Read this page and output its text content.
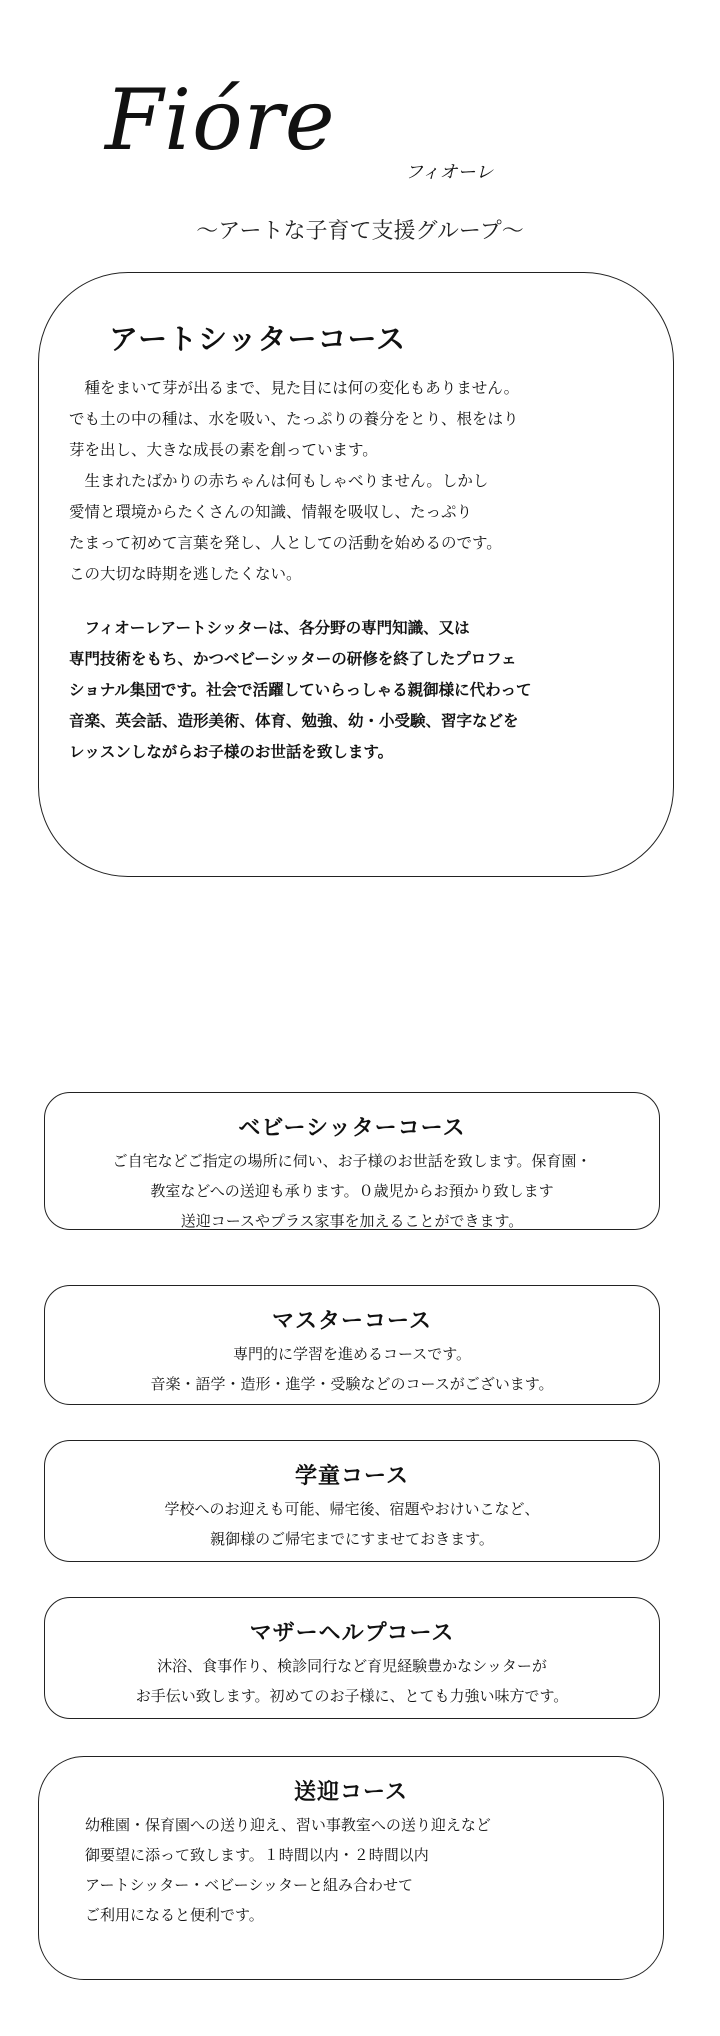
Fiόre
フィオーレ
～アートな子育て支援グループ～
アートシッターコース

　種をまいて芽が出るまで、見た目には何の変化もありません。
でも土の中の種は、水を吸い、たっぷりの養分をとり、根をはり
芽を出し、大きな成長の素を創っています。
　生まれたばかりの赤ちゃんは何もしゃべりません。しかし
愛情と環境からたくさんの知識、情報を吸収し、たっぷり
たまって初めて言葉を発し、人としての活動を始めるのです。
この大切な時期を逃したくない。

　フィオーレアートシッターは、各分野の専門知識、又は
専門技術をもち、かつベビーシッターの研修を終了したプロフェ
ショナル集団です。社会で活躍していらっしゃる親御様に代わって
音楽、英会話、造形美術、体育、勉強、幼・小受験、習字などを
レッスンしながらお子様のお世話を致します。

ベビーシッターコース
ご自宅などご指定の場所に伺い、お子様のお世話を致します。保育園・
教室などへの送迎も承ります。０歳児からお預かり致します
送迎コースやプラス家事を加えることができます。
マスターコース
専門的に学習を進めるコースです。
音楽・語学・造形・進学・受験などのコースがございます。
学童コース
学校へのお迎えも可能、帰宅後、宿題やおけいこなど、
親御様のご帰宅までにすませておきます。
マザーヘルプコース
沐浴、食事作り、検診同行など育児経験豊かなシッターが
お手伝い致します。初めてのお子様に、とても力強い味方です。
送迎コース
幼稚園・保育園への送り迎え、習い事教室への送り迎えなど
御要望に添って致します。１時間以内・２時間以内
アートシッター・ベビーシッターと組み合わせて
ご利用になると便利です。
